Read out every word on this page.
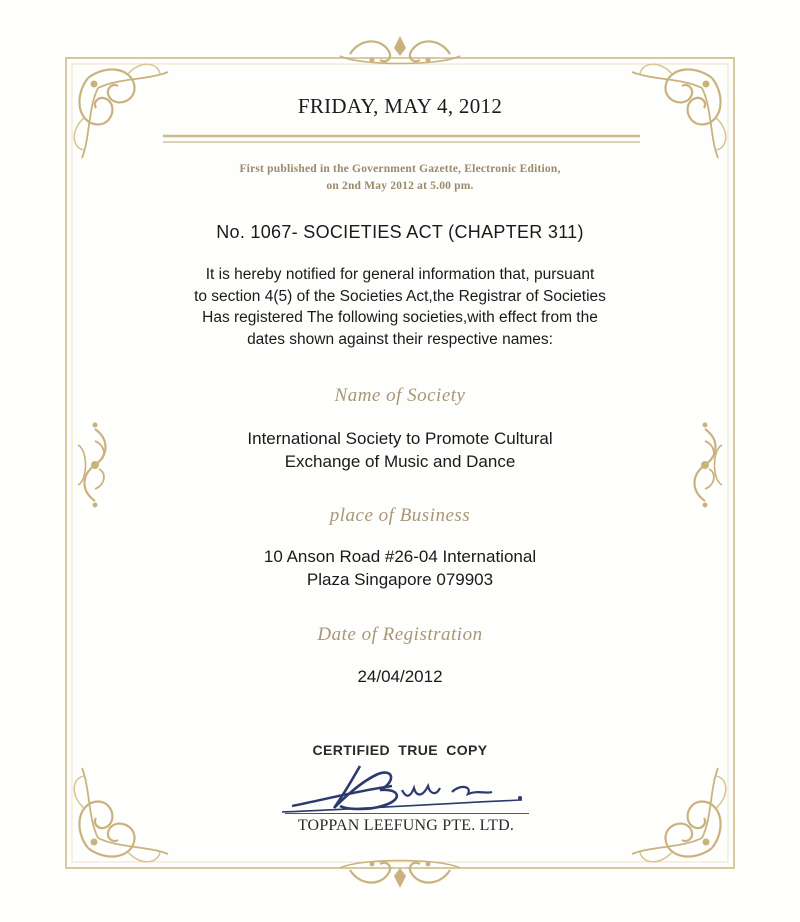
FRIDAY, MAY 4, 2012
First published in the Government Gazette, Electronic Edition,
on 2nd May 2012 at 5.00 pm.
No. 1067- SOCIETIES ACT (CHAPTER 311)
It is hereby notified for general information that, pursuant
to section 4(5) of the Societies Act,the Registrar of Societies
Has registered The following societies,with effect from the
dates shown against their respective names:
Name of Society
International Society to Promote Cultural
Exchange of Music and Dance
place of Business
10 Anson Road #26-04 International
Plaza Singapore 079903
Date of Registration
24/04/2012
CERTIFIED TRUE COPY
TOPPAN LEEFUNG PTE. LTD.
